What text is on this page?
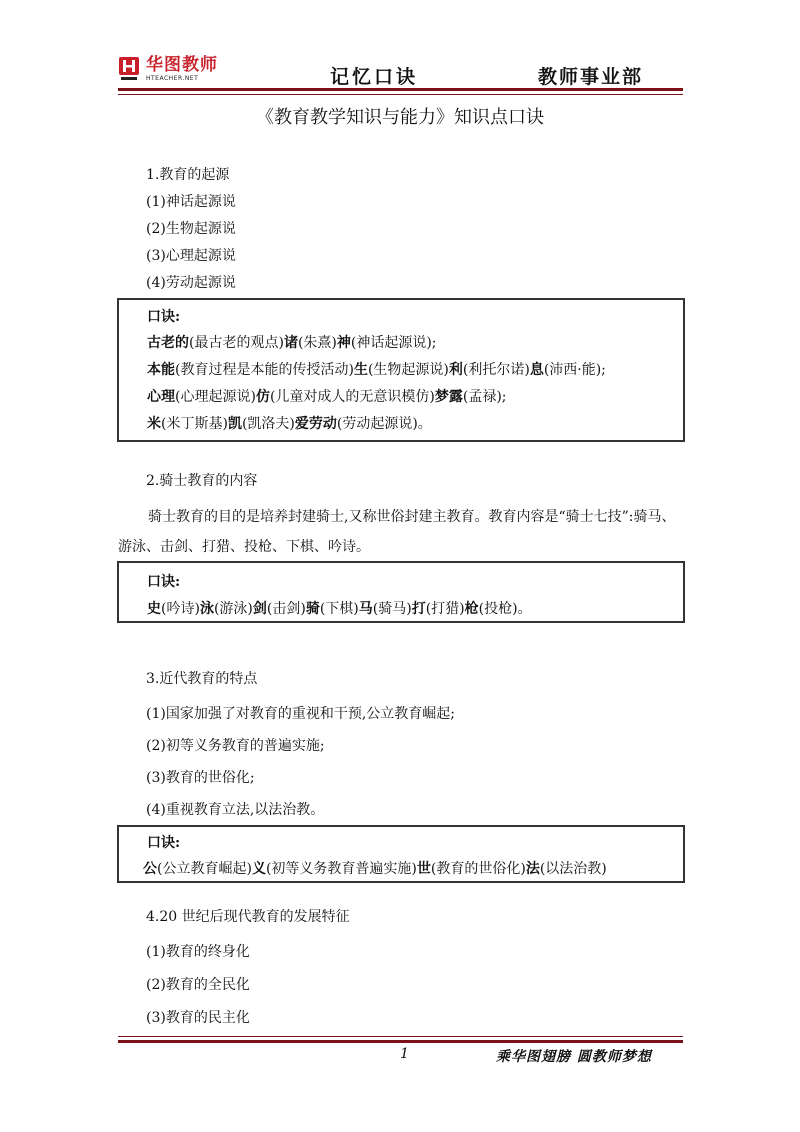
华图教师
HTEACHER.NET	记忆口诀	教师事业部
《教育教学知识与能力》知识点口诀
1.教育的起源
(1)神话起源说
(2)生物起源说
(3)心理起源说
(4)劳动起源说
口诀:
古老的(最古老的观点)诸(朱熹)神(神话起源说);
本能(教育过程是本能的传授活动)生(生物起源说)利(利托尔诺)息(沛西·能);
心理(心理起源说)仿(儿童对成人的无意识模仿)梦露(孟禄);
米(米丁斯基)凯(凯洛夫)爱劳动(劳动起源说)。
2.骑士教育的内容
骑士教育的目的是培养封建骑士,又称世俗封建主教育。教育内容是“骑士七技”:骑马、游泳、击剑、打猎、投枪、下棋、吟诗。
口诀:
史(吟诗)泳(游泳)剑(击剑)骑(下棋)马(骑马)打(打猎)枪(投枪)。
3.近代教育的特点
(1)国家加强了对教育的重视和干预,公立教育崛起;
(2)初等义务教育的普遍实施;
(3)教育的世俗化;
(4)重视教育立法,以法治教。
口诀:
公(公立教育崛起)义(初等义务教育普遍实施)世(教育的世俗化)法(以法治教)
4.20 世纪后现代教育的发展特征
(1)教育的终身化
(2)教育的全民化
(3)教育的民主化
1	乘华图翅膀 圆教师梦想
